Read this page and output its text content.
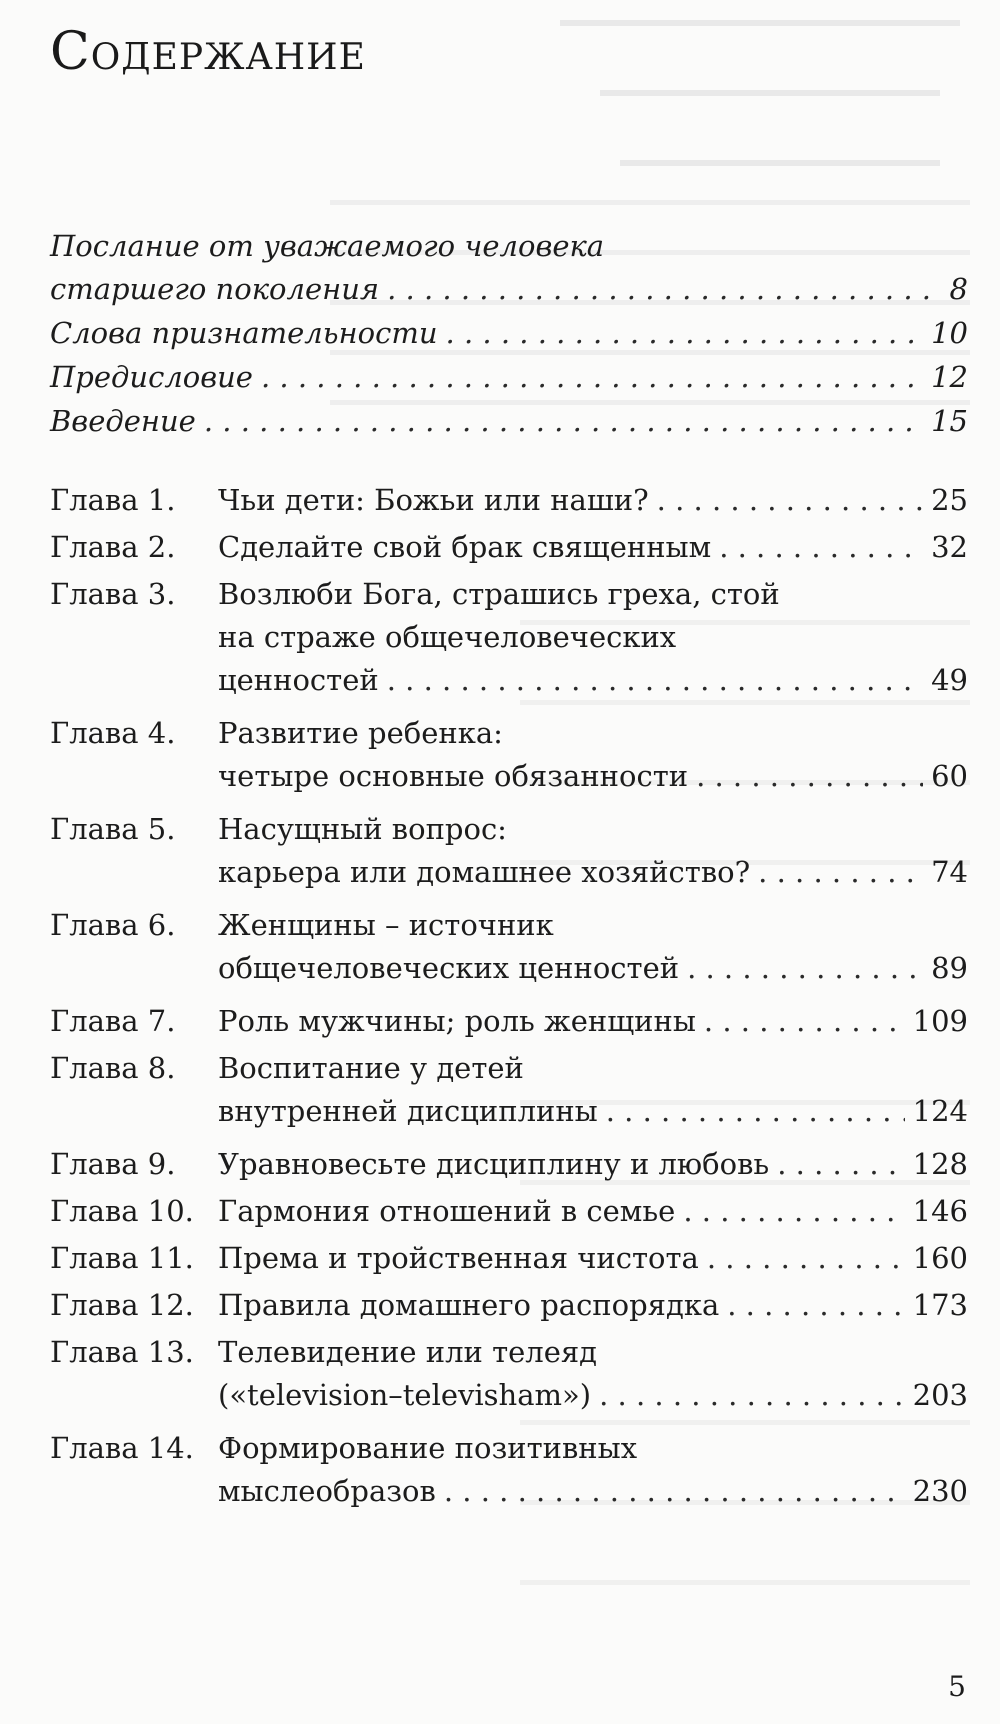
Содержание
Послание от уважаемого человека
старшего поколения . . .	8
Слова признательности . . .	10
Предисловие . . .	12
Введение . . .	15
Глава 1.	Чьи дети: Божьи или наши? . . .	25
Глава 2.	Сделайте свой брак священным . . .	32
Глава 3.	Возлюби Бога, страшись греха, стой
на страже общечеловеческих
ценностей . . .	49
Глава 4.	Развитие ребенка:
четыре основные обязанности . . .	60
Глава 5.	Насущный вопрос:
карьера или домашнее хозяйство? . . .	74
Глава 6.	Женщины – источник
общечеловеческих ценностей . . .	89
Глава 7.	Роль мужчины; роль женщины . . .	109
Глава 8.	Воспитание у детей
внутренней дисциплины . . .	124
Глава 9.	Уравновесьте дисциплину и любовь . . .	128
Глава 10. Гармония отношений в семье . . .	146
Глава 11. Према и тройственная чистота . . .	160
Глава 12. Правила домашнего распорядка . . .	173
Глава 13. Телевидение или телеяд
(«television–televisham») . . .	203
Глава 14. Формирование позитивных
мыслеобразов . . .	230
5
